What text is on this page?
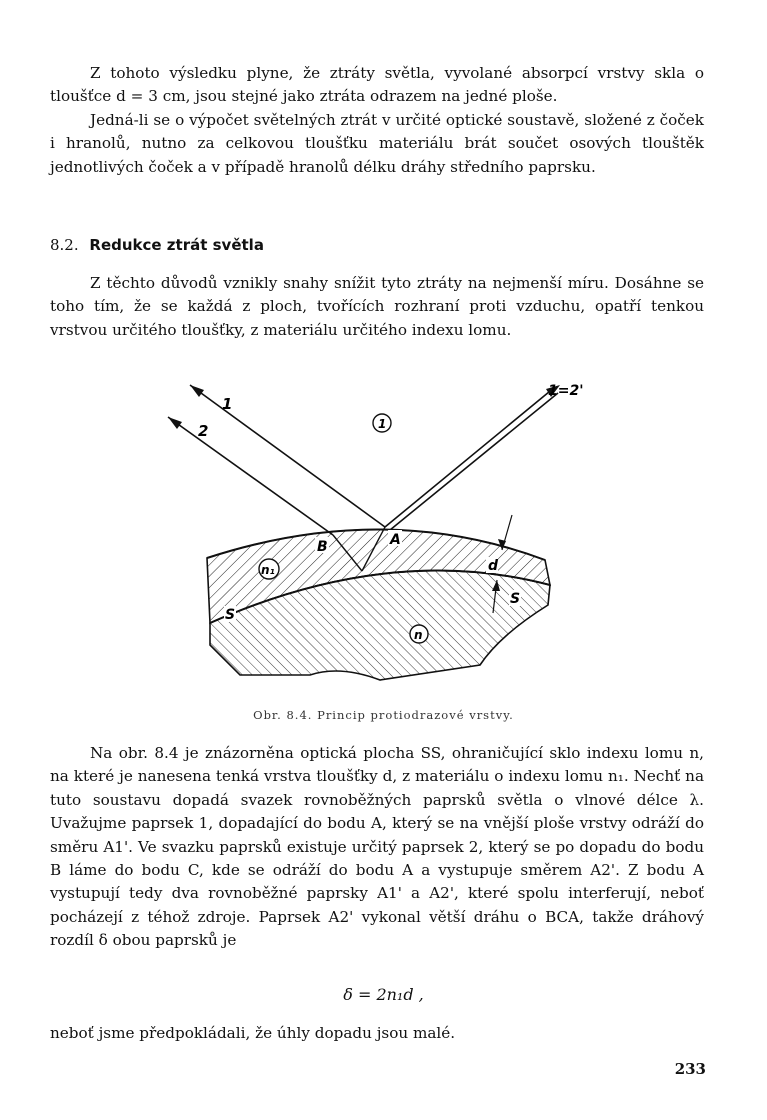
Z tohoto výsledku plyne, že ztráty světla, vyvolané absorpcí vrstvy skla o tloušťce d = 3 cm, jsou stejné jako ztráta odrazem na jedné ploše.

Jedná-li se o výpočet světelných ztrát v určité optické soustavě, složené z čoček i hranolů, nutno za celkovou tloušťku materiálu brát součet osových tlouštěk jednotlivých čoček a v případě hranolů délku dráhy středního paprsku.

8.2. Redukce ztrát světla

Z těchto důvodů vznikly snahy snížit tyto ztráty na nejmenší míru. Dosáhne se toho tím, že se každá z ploch, tvořících rozhraní proti vzduchu, opatří tenkou vrstvou určitého tloušťky, z materiálu určitého indexu lomu.

1
2
1=2'
1
B	A
n₁	d
S
S
n
Obr. 8.4. Princip protiodrazové vrstvy.

Na obr. 8.4 je znázorněna optická plocha SS, ohraničující sklo indexu lomu n, na které je nanesena tenká vrstva tloušťky d, z materiálu o indexu lomu n₁. Nechť na tuto soustavu dopadá svazek rovnoběžných paprsků světla o vlnové délce λ. Uvažujme paprsek 1, dopadající do bodu A, který se na vnější ploše vrstvy odráží do směru A1'. Ve svazku paprsků existuje určitý paprsek 2, který se po dopadu do bodu B láme do bodu C, kde se odráží do bodu A a vystupuje směrem A2'. Z bodu A vystupují tedy dva rovnoběžné paprsky A1' a A2', které spolu interferují, neboť pocházejí z téhož zdroje. Paprsek A2' vykonal větší dráhu o BCA, takže dráhový rozdíl δ obou paprsků je

δ = 2n₁d ,

neboť jsme předpokládali, že úhly dopadu jsou malé.

233
